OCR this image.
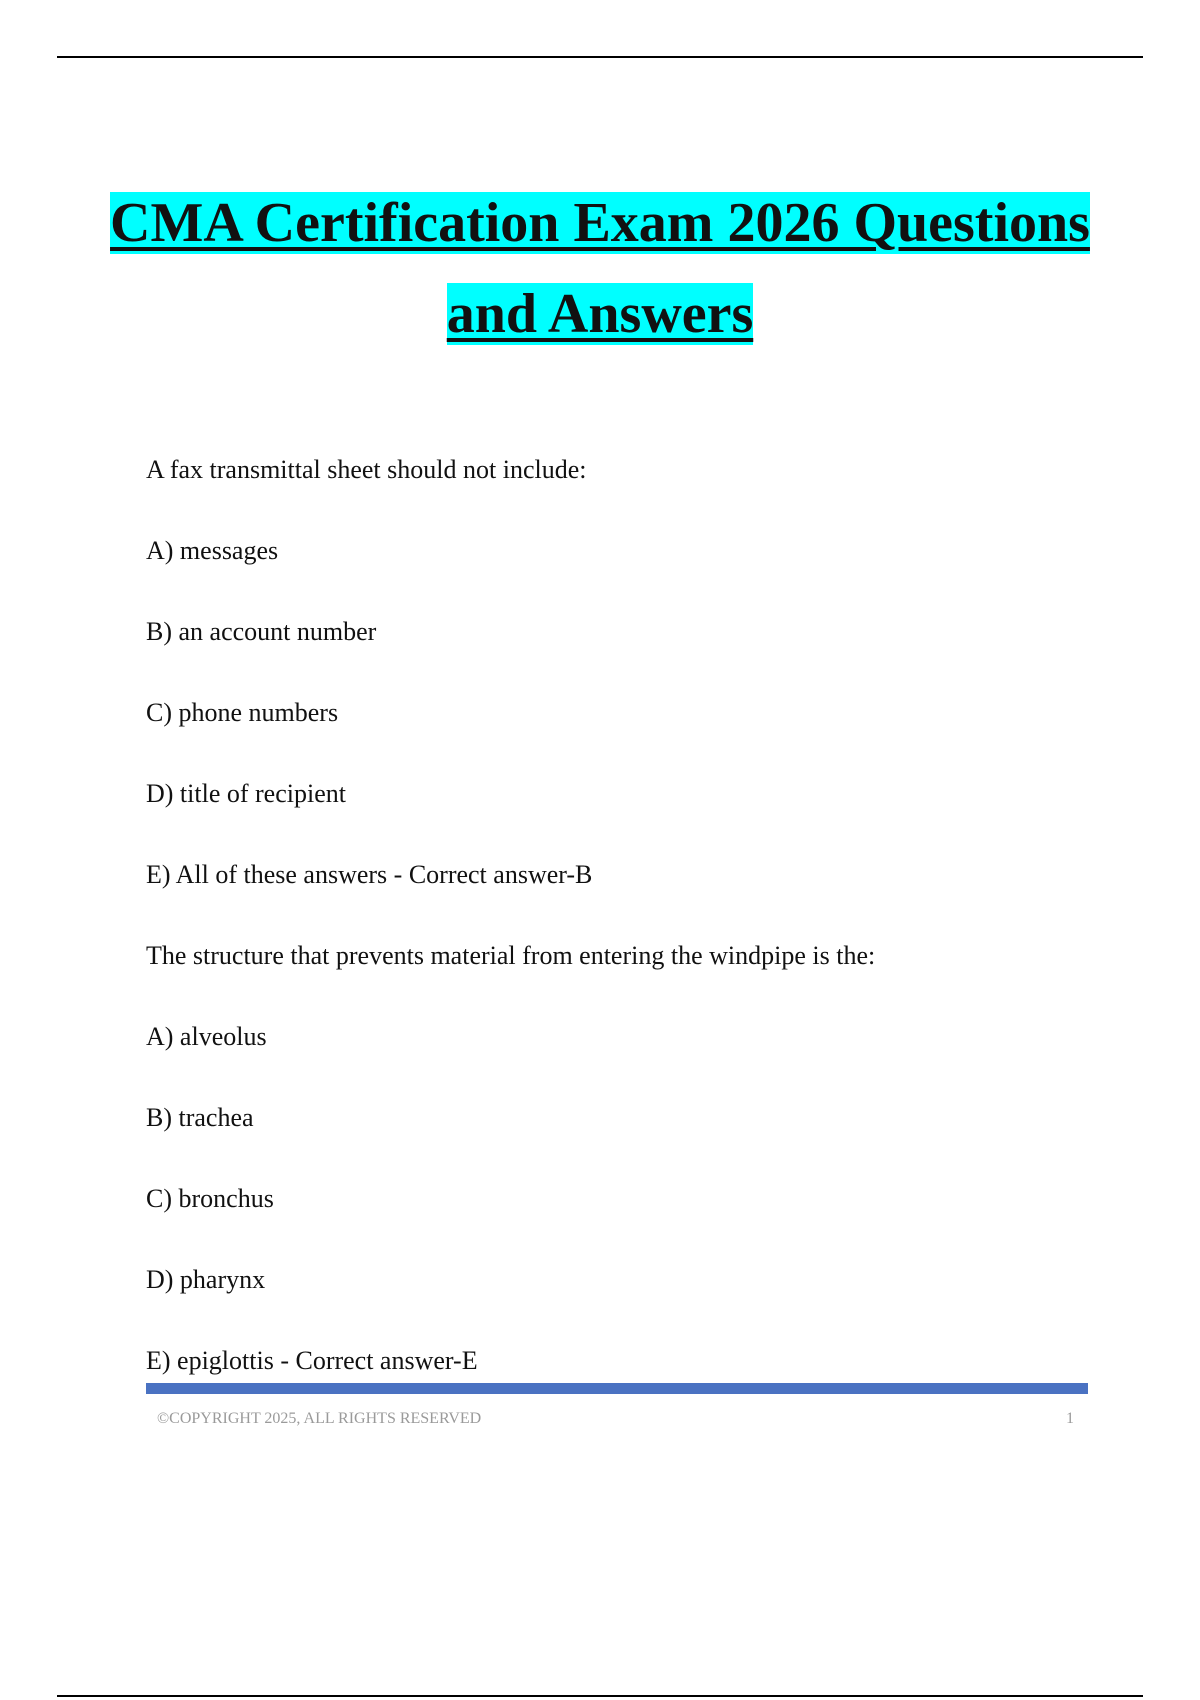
CMA Certification Exam 2026 Questions
and Answers

A fax transmittal sheet should not include:

A) messages

B) an account number

C) phone numbers

D) title of recipient

E) All of these answers - Correct answer-B

The structure that prevents material from entering the windpipe is the:

A) alveolus

B) trachea

C) bronchus

D) pharynx

E) epiglottis - Correct answer-E

©COPYRIGHT 2025, ALL RIGHTS RESERVED	1
